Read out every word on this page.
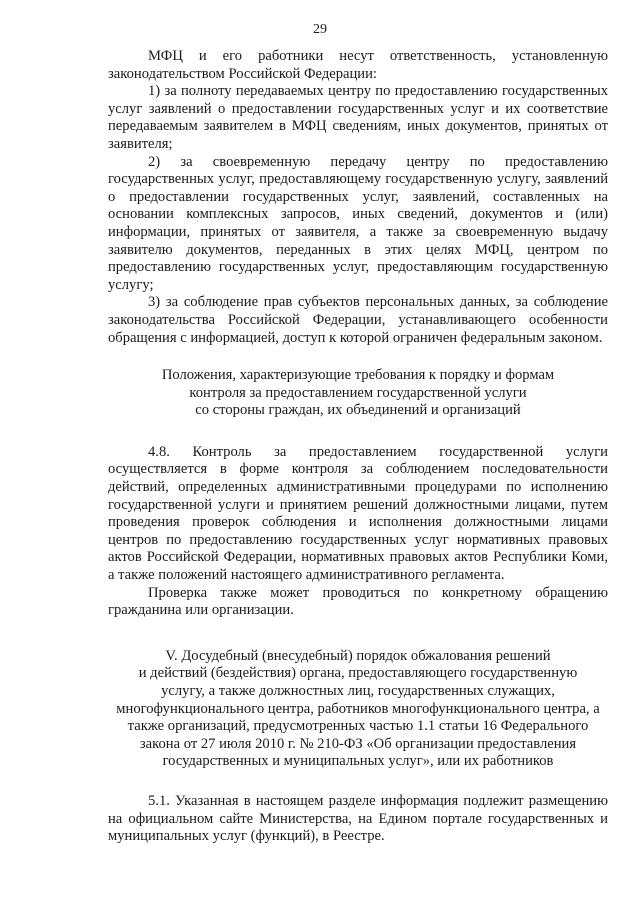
29

МФЦ и его работники несут ответственность, установленную законодательством Российской Федерации:

1) за полноту передаваемых центру по предоставлению государственных услуг заявлений о предоставлении государственных услуг и их соответствие передаваемым заявителем в МФЦ сведениям, иных документов, принятых от заявителя;

2) за своевременную передачу центру по предоставлению государственных услуг, предоставляющему государственную услугу, заявлений о предоставлении государственных услуг, заявлений, составленных на основании комплексных запросов, иных сведений, документов и (или) информации, принятых от заявителя, а также за своевременную выдачу заявителю документов, переданных в этих целях МФЦ, центром по предоставлению государственных услуг, предоставляющим государственную услугу;

3) за соблюдение прав субъектов персональных данных, за соблюдение законодательства Российской Федерации, устанавливающего особенности обращения с информацией, доступ к которой ограничен федеральным законом.

Положения, характеризующие требования к порядку и формам

контроля за предоставлением государственной услуги

со стороны граждан, их объединений и организаций

4.8. Контроль за предоставлением государственной услуги осуществляется в форме контроля за соблюдением последовательности действий, определенных административными процедурами по исполнению государственной услуги и принятием решений должностными лицами, путем проведения проверок соблюдения и исполнения должностными лицами центров по предоставлению государственных услуг нормативных правовых актов Российской Федерации, нормативных правовых актов Республики Коми, а также положений настоящего административного регламента.

Проверка также может проводиться по конкретному обращению гражданина или организации.

V. Досудебный (внесудебный) порядок обжалования решений

и действий (бездействия) органа, предоставляющего государственную

услугу, а также должностных лиц, государственных служащих,

многофункционального центра, работников многофункционального центра, а

также организаций, предусмотренных частью 1.1 статьи 16 Федерального

закона от 27 июля 2010 г. № 210-ФЗ «Об организации предоставления

государственных и муниципальных услуг», или их работников

5.1. Указанная в настоящем разделе информация подлежит размещению на официальном сайте Министерства, на Едином портале государственных и муниципальных услуг (функций), в Реестре.
